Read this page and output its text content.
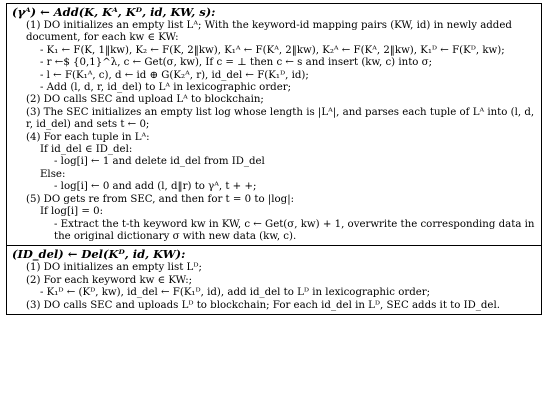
(γᴬ) ← Add(K, Kᴬ, Kᴰ, id, KW, s):
(1) DO initializes an empty list Lᴬ; With the keyword-id mapping pairs (KW, id) in newly added document, for each kw ∈ KW:
- K₁ ← F(K, 1‖kw), K₂ ← F(K, 2‖kw), K₁ᴬ ← F(Kᴬ, 2‖kw), K₂ᴬ ← F(Kᴬ, 2‖kw), K₁ᴰ ← F(Kᴰ, kw);
- r ←$ {0,1}^λ, c ← Get(σ, kw), If c = ⊥ then c ← s and insert (kw, c) into σ;
- l ← F(K₁ᴬ, c), d ← id ⊕ G(K₂ᴬ, r), id_del ← F(K₁ᴰ, id);
- Add (l, d, r, id_del) to Lᴬ in lexicographic order;
(2) DO calls SEC and upload Lᴬ to blockchain;
(3) The SEC initializes an empty list log whose length is |Lᴬ|, and parses each tuple of Lᴬ into (l, d, r, id_del) and sets t ← 0;
(4) For each tuple in Lᴬ:
If id_del ∈ ID_del:
- log[i] ← 1 and delete id_del from ID_del
Else:
- log[i] ← 0 and add (l, d‖r) to γᴬ, t + +;
(5) DO gets re from SEC, and then for t = 0 to |log|:
If log[i] = 0:
- Extract the t-th keyword kw in KW, c ← Get(σ, kw) + 1, overwrite the corresponding data in the original dictionary σ with new data (kw, c).
(ID_del) ← Del(Kᴰ, id, KW):
(1) DO initializes an empty list Lᴰ;
(2) For each keyword kw ∈ KW:;
- K₁ᴰ ← (Kᴰ, kw), id_del ← F(K₁ᴰ, id), add id_del to Lᴰ in lexicographic order;
(3) DO calls SEC and uploads Lᴰ to blockchain; For each id_del in Lᴰ, SEC adds it to ID_del.
